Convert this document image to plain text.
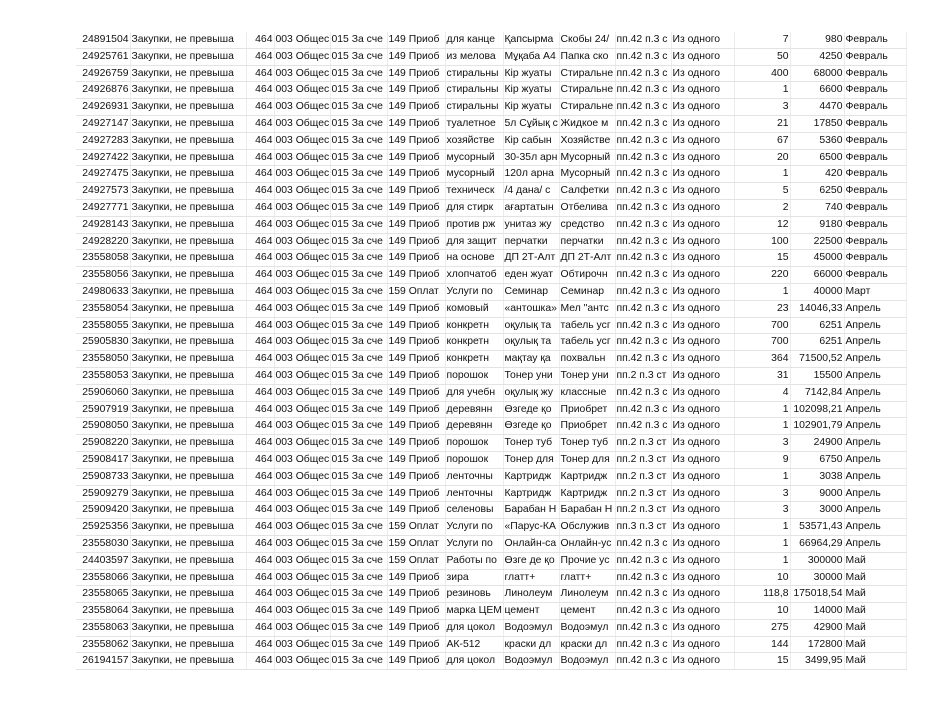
24891504	Закупки, не превыша	464	003 Общес	015 За сче	149 Приоб	для канце	Қапсырма	Скобы 24/	пп.42 п.3 с	Из одного	7	980	Февраль
24925761	Закупки, не превыша	464	003 Общес	015 За сче	149 Приоб	из мелова	Мұқаба А4	Папка ско	пп.42 п.3 с	Из одного	50	4250	Февраль
24926759	Закупки, не превыша	464	003 Общес	015 За сче	149 Приоб	стиральны	Кір жуаты	Стиральне	пп.42 п.3 с	Из одного	400	68000	Февраль
24926876	Закупки, не превыша	464	003 Общес	015 За сче	149 Приоб	стиральны	Кір жуаты	Стиральне	пп.42 п.3 с	Из одного	1	6600	Февраль
24926931	Закупки, не превыша	464	003 Общес	015 За сче	149 Приоб	стиральны	Кір жуаты	Стиральне	пп.42 п.3 с	Из одного	3	4470	Февраль
24927147	Закупки, не превыша	464	003 Общес	015 За сче	149 Приоб	туалетное	5л Сұйық с	Жидкое м	пп.42 п.3 с	Из одного	21	17850	Февраль
24927283	Закупки, не превыша	464	003 Общес	015 За сче	149 Приоб	хозяйстве	Кір сабын	Хозяйстве	пп.42 п.3 с	Из одного	67	5360	Февраль
24927422	Закупки, не превыша	464	003 Общес	015 За сче	149 Приоб	мусорный	30-35л арн	Мусорный	пп.42 п.3 с	Из одного	20	6500	Февраль
24927475	Закупки, не превыша	464	003 Общес	015 За сче	149 Приоб	мусорный	120л арна	Мусорный	пп.42 п.3 с	Из одного	1	420	Февраль
24927573	Закупки, не превыша	464	003 Общес	015 За сче	149 Приоб	техническ	/4 дана/ с	Салфетки	пп.42 п.3 с	Из одного	5	6250	Февраль
24927771	Закупки, не превыша	464	003 Общес	015 За сче	149 Приоб	для стирк	ағартатын	Отбелива	пп.42 п.3 с	Из одного	2	740	Февраль
24928143	Закупки, не превыша	464	003 Общес	015 За сче	149 Приоб	против рж	унитаз жу	средство	пп.42 п.3 с	Из одного	12	9180	Февраль
24928220	Закупки, не превыша	464	003 Общес	015 За сче	149 Приоб	для защит	перчатки	перчатки	пп.42 п.3 с	Из одного	100	22500	Февраль
23558058	Закупки, не превыша	464	003 Общес	015 За сче	149 Приоб	на основе	ДП 2Т-Алт	ДП 2Т-Алт	пп.42 п.3 с	Из одного	15	45000	Февраль
23558056	Закупки, не превыша	464	003 Общес	015 За сче	149 Приоб	хлопчатоб	еден жуат	Обтирочн	пп.42 п.3 с	Из одного	220	66000	Февраль
24980633	Закупки, не превыша	464	003 Общес	015 За сче	159 Оплат	Услуги по	Семинар	Семинар	пп.42 п.3 с	Из одного	1	40000	Март
23558054	Закупки, не превыша	464	003 Общес	015 За сче	149 Приоб	комовый	«антошка»	Мел "антс	пп.42 п.3 с	Из одного	23	14046,33	Апрель
23558055	Закупки, не превыша	464	003 Общес	015 За сче	149 Приоб	конкретн	оқулық та	табель усг	пп.42 п.3 с	Из одного	700	6251	Апрель
25905830	Закупки, не превыша	464	003 Общес	015 За сче	149 Приоб	конкретн	оқулық та	табель усг	пп.42 п.3 с	Из одного	700	6251	Апрель
23558050	Закупки, не превыша	464	003 Общес	015 За сче	149 Приоб	конкретн	мақтау қа	похвальн	пп.42 п.3 с	Из одного	364	71500,52	Апрель
23558053	Закупки, не превыша	464	003 Общес	015 За сче	149 Приоб	порошок	Тонер уни	Тонер уни	пп.2 п.3 ст	Из одного	31	15500	Апрель
25906060	Закупки, не превыша	464	003 Общес	015 За сче	149 Приоб	для учебн	оқулық жу	классные	пп.42 п.3 с	Из одного	4	7142,84	Апрель
25907919	Закупки, не превыша	464	003 Общес	015 За сче	149 Приоб	деревянн	Өзгеде қо	Приобрет	пп.42 п.3 с	Из одного	1	102098,21	Апрель
25908050	Закупки, не превыша	464	003 Общес	015 За сче	149 Приоб	деревянн	Өзгеде қо	Приобрет	пп.42 п.3 с	Из одного	1	102901,79	Апрель
25908220	Закупки, не превыша	464	003 Общес	015 За сче	149 Приоб	порошок	Тонер туб	Тонер туб	пп.2 п.3 ст	Из одного	3	24900	Апрель
25908417	Закупки, не превыша	464	003 Общес	015 За сче	149 Приоб	порошок	Тонер для	Тонер для	пп.2 п.3 ст	Из одного	9	6750	Апрель
25908733	Закупки, не превыша	464	003 Общес	015 За сче	149 Приоб	ленточны	Картридж	Картридж	пп.2 п.3 ст	Из одного	1	3038	Апрель
25909279	Закупки, не превыша	464	003 Общес	015 За сче	149 Приоб	ленточны	Картридж	Картридж	пп.2 п.3 ст	Из одного	3	9000	Апрель
25909420	Закупки, не превыша	464	003 Общес	015 За сче	149 Приоб	селеновы	Барабан Н	Барабан Н	пп.2 п.3 ст	Из одного	3	3000	Апрель
25925356	Закупки, не превыша	464	003 Общес	015 За сче	159 Оплат	Услуги по	«Парус-КА	Обслужив	пп.3 п.3 ст	Из одного	1	53571,43	Апрель
23558030	Закупки, не превыша	464	003 Общес	015 За сче	159 Оплат	Услуги по	Онлайн-са	Онлайн-ус	пп.42 п.3 с	Из одного	1	66964,29	Апрель
24403597	Закупки, не превыша	464	003 Общес	015 За сче	159 Оплат	Работы по	Өзге де қо	Прочие ус	пп.42 п.3 с	Из одного	1	300000	Май
23558066	Закупки, не превыша	464	003 Общес	015 За сче	149 Приоб	зира	глатт+	глатт+	пп.42 п.3 с	Из одного	10	30000	Май
23558065	Закупки, не превыша	464	003 Общес	015 За сче	149 Приоб	резиновь	Линолеум	Линолеум	пп.42 п.3 с	Из одного	118,8	175018,54	Май
23558064	Закупки, не превыша	464	003 Общес	015 За сче	149 Приоб	марка ЦЕМ	цемент	цемент	пп.42 п.3 с	Из одного	10	14000	Май
23558063	Закупки, не превыша	464	003 Общес	015 За сче	149 Приоб	для цокол	Водоэмул	Водоэмул	пп.42 п.3 с	Из одного	275	42900	Май
23558062	Закупки, не превыша	464	003 Общес	015 За сче	149 Приоб	АК-512	краски дл	краски дл	пп.42 п.3 с	Из одного	144	172800	Май
26194157	Закупки, не превыша	464	003 Общес	015 За сче	149 Приоб	для цокол	Водоэмул	Водоэмул	пп.42 п.3 с	Из одного	15	3499,95	Май
